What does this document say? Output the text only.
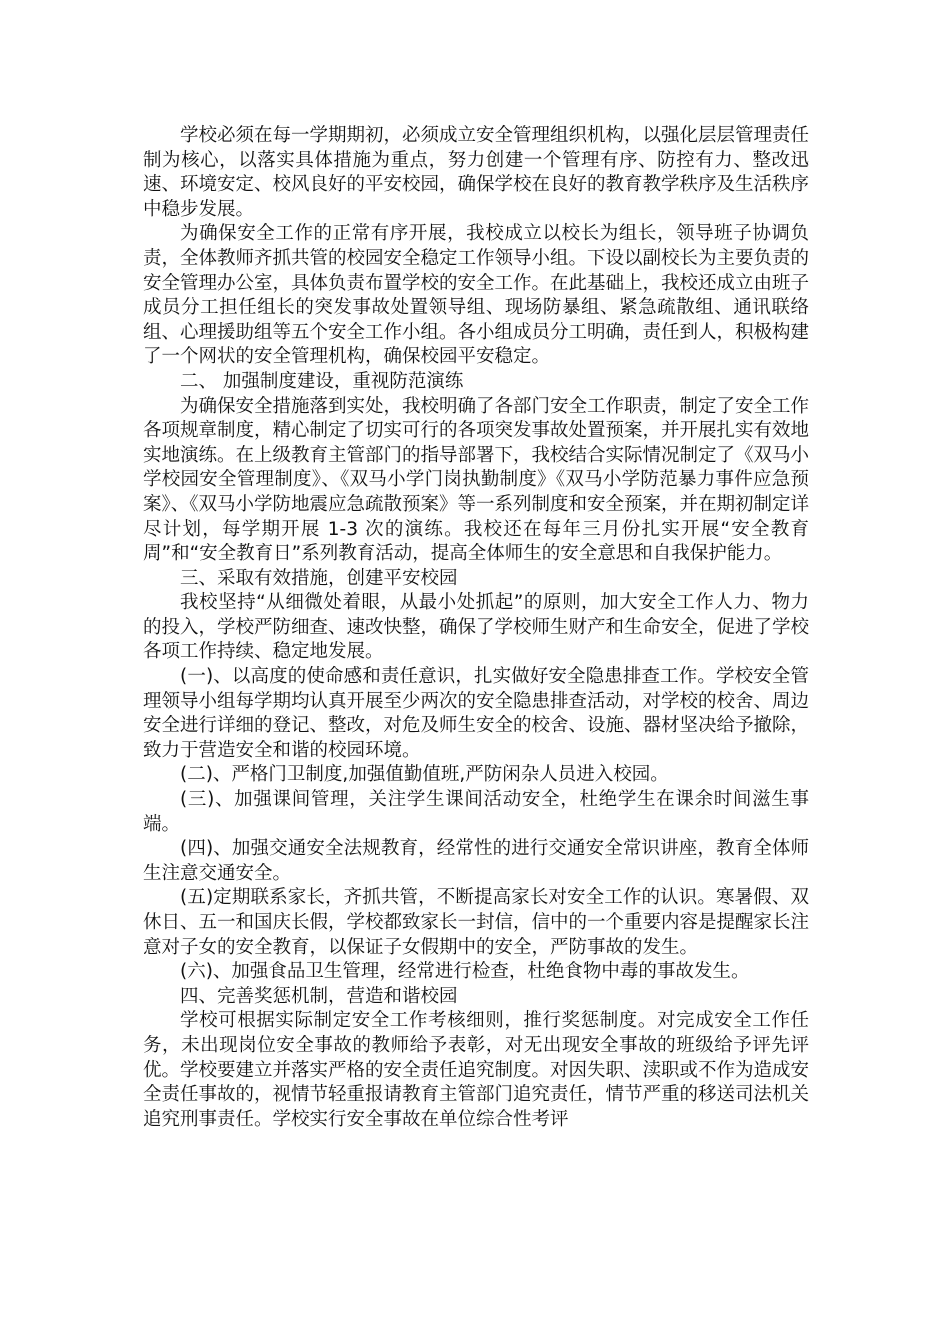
学校必须在每一学期期初，必须成立安全管理组织机构，以强化层层管理责任制为核心，以落实具体措施为重点，努力创建一个管理有序、防控有力、整改迅速、环境安定、校风良好的平安校园，确保学校在良好的教育教学秩序及生活秩序中稳步发展。

为确保安全工作的正常有序开展，我校成立以校长为组长，领导班子协调负责，全体教师齐抓共管的校园安全稳定工作领导小组。下设以副校长为主要负责的安全管理办公室，具体负责布置学校的安全工作。在此基础上，我校还成立由班子成员分工担任组长的突发事故处置领导组、现场防暴组、紧急疏散组、通讯联络组、心理援助组等五个安全工作小组。各小组成员分工明确，责任到人，积极构建了一个网状的安全管理机构，确保校园平安稳定。

二、 加强制度建设，重视防范演练

为确保安全措施落到实处，我校明确了各部门安全工作职责，制定了安全工作各项规章制度，精心制定了切实可行的各项突发事故处置预案，并开展扎实有效地实地演练。在上级教育主管部门的指导部署下，我校结合实际情况制定了《双马小学校园安全管理制度》、《双马小学门岗执勤制度》《双马小学防范暴力事件应急预案》、《双马小学防地震应急疏散预案》等一系列制度和安全预案，并在期初制定详尽计划，每学期开展 1-3 次的演练。我校还在每年三月份扎实开展“安全教育周”和“安全教育日”系列教育活动，提高全体师生的安全意思和自我保护能力。

三、采取有效措施，创建平安校园

我校坚持“从细微处着眼，从最小处抓起”的原则，加大安全工作人力、物力的投入，学校严防细查、速改快整，确保了学校师生财产和生命安全，促进了学校各项工作持续、稳定地发展。

(一)、以高度的使命感和责任意识，扎实做好安全隐患排查工作。学校安全管理领导小组每学期均认真开展至少两次的安全隐患排查活动，对学校的校舍、周边安全进行详细的登记、整改，对危及师生安全的校舍、设施、器材坚决给予撤除，致力于营造安全和谐的校园环境。

(二)、严格门卫制度,加强值勤值班,严防闲杂人员进入校园。

(三)、加强课间管理，关注学生课间活动安全，杜绝学生在课余时间滋生事端。

(四)、加强交通安全法规教育，经常性的进行交通安全常识讲座，教育全体师生注意交通安全。

(五)定期联系家长，齐抓共管，不断提高家长对安全工作的认识。寒暑假、双休日、五一和国庆长假，学校都致家长一封信，信中的一个重要内容是提醒家长注意对子女的安全教育，以保证子女假期中的安全，严防事故的发生。

(六)、加强食品卫生管理，经常进行检查，杜绝食物中毒的事故发生。

四、完善奖惩机制，营造和谐校园

学校可根据实际制定安全工作考核细则，推行奖惩制度。对完成安全工作任务，未出现岗位安全事故的教师给予表彰，对无出现安全事故的班级给予评先评优。学校要建立并落实严格的安全责任追究制度。对因失职、渎职或不作为造成安全责任事故的，视情节轻重报请教育主管部门追究责任，情节严重的移送司法机关追究刑事责任。学校实行安全事故在单位综合性考评
